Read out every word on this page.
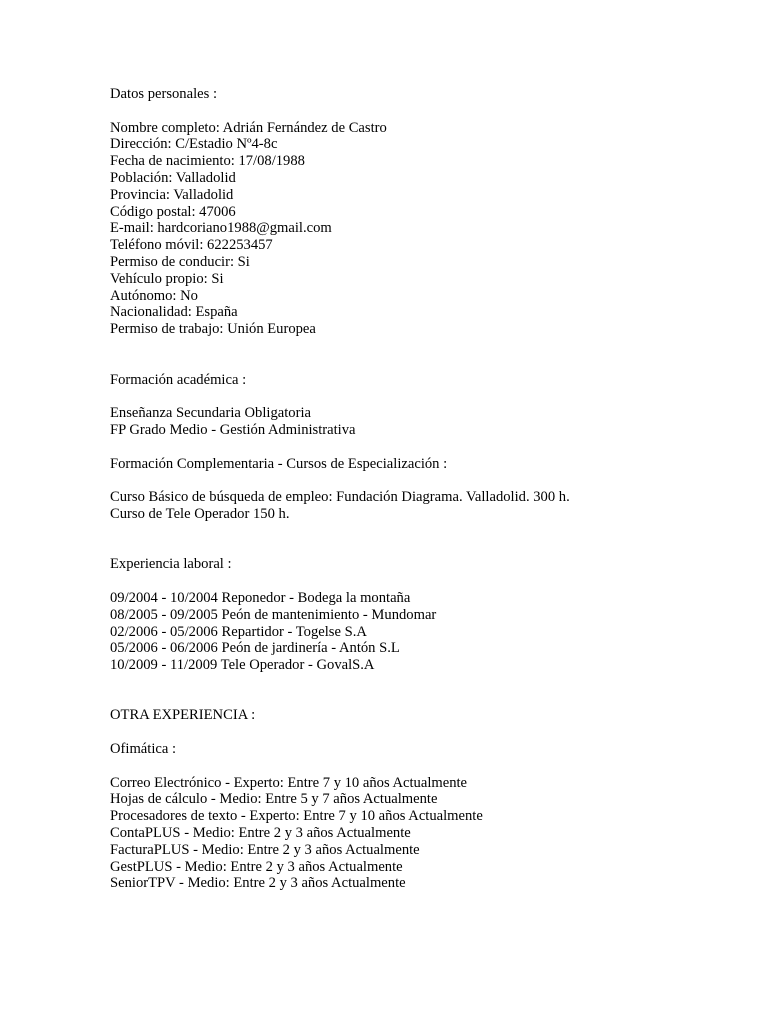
Datos personales :
Nombre completo: Adrián Fernández de Castro
Dirección: C/Estadio Nº4-8c
Fecha de nacimiento: 17/08/1988
Población: Valladolid
Provincia: Valladolid
Código postal: 47006
E-mail: hardcoriano1988@gmail.com
Teléfono móvil: 622253457
Permiso de conducir: Si
Vehículo propio: Si
Autónomo: No
Nacionalidad: España
Permiso de trabajo: Unión Europea
Formación académica :
Enseñanza Secundaria Obligatoria
FP Grado Medio - Gestión Administrativa
Formación Complementaria - Cursos de Especialización :
Curso Básico de búsqueda de empleo: Fundación Diagrama. Valladolid. 300 h.
Curso de Tele Operador 150 h.
Experiencia laboral :
09/2004 - 10/2004 Reponedor - Bodega la montaña
08/2005 - 09/2005 Peón de mantenimiento - Mundomar
02/2006 - 05/2006 Repartidor - Togelse S.A
05/2006 - 06/2006 Peón de jardinería - Antón S.L
10/2009 - 11/2009 Tele Operador - GovalS.A
OTRA EXPERIENCIA :
Ofimática :
Correo Electrónico - Experto: Entre 7 y 10 años Actualmente
Hojas de cálculo - Medio: Entre 5 y 7 años Actualmente
Procesadores de texto - Experto: Entre 7 y 10 años Actualmente
ContaPLUS - Medio: Entre 2 y 3 años Actualmente
FacturaPLUS - Medio: Entre 2 y 3 años Actualmente
GestPLUS - Medio: Entre 2 y 3 años Actualmente
SeniorTPV - Medio: Entre 2 y 3 años Actualmente
